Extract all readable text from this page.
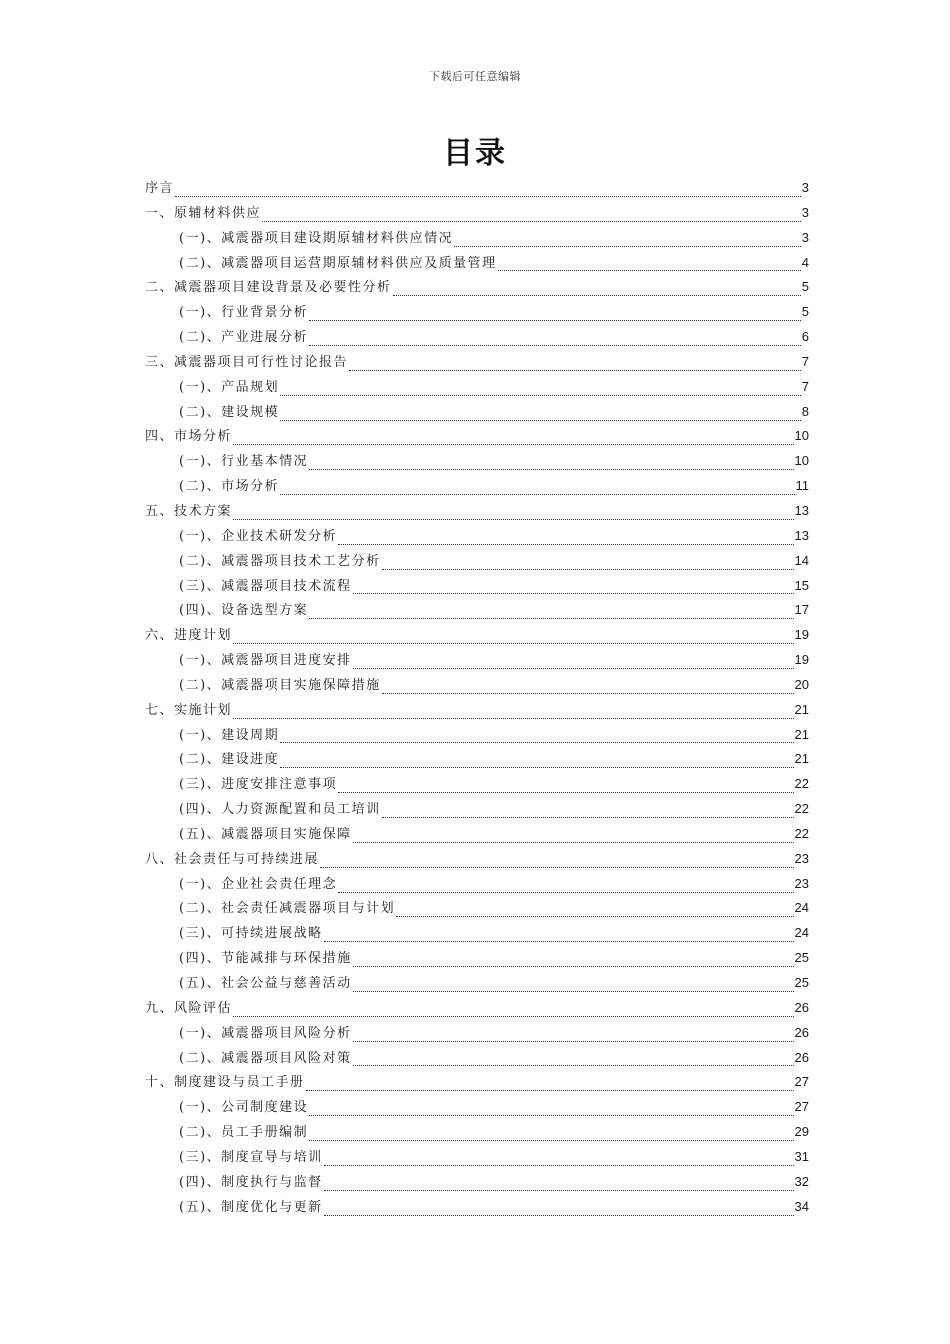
下载后可任意编辑
目录
序言	3
一、原辅材料供应	3
(一)、减震器项目建设期原辅材料供应情况	3
(二)、减震器项目运营期原辅材料供应及质量管理	4
二、减震器项目建设背景及必要性分析	5
(一)、行业背景分析	5
(二)、产业进展分析	6
三、减震器项目可行性讨论报告	7
(一)、产品规划	7
(二)、建设规模	8
四、市场分析	10
(一)、行业基本情况	10
(二)、市场分析	11
五、技术方案	13
(一)、企业技术研发分析	13
(二)、减震器项目技术工艺分析	14
(三)、减震器项目技术流程	15
(四)、设备选型方案	17
六、进度计划	19
(一)、减震器项目进度安排	19
(二)、减震器项目实施保障措施	20
七、实施计划	21
(一)、建设周期	21
(二)、建设进度	21
(三)、进度安排注意事项	22
(四)、人力资源配置和员工培训	22
(五)、减震器项目实施保障	22
八、社会责任与可持续进展	23
(一)、企业社会责任理念	23
(二)、社会责任减震器项目与计划	24
(三)、可持续进展战略	24
(四)、节能减排与环保措施	25
(五)、社会公益与慈善活动	25
九、风险评估	26
(一)、减震器项目风险分析	26
(二)、减震器项目风险对策	26
十、制度建设与员工手册	27
(一)、公司制度建设	27
(二)、员工手册编制	29
(三)、制度宣导与培训	31
(四)、制度执行与监督	32
(五)、制度优化与更新	34
